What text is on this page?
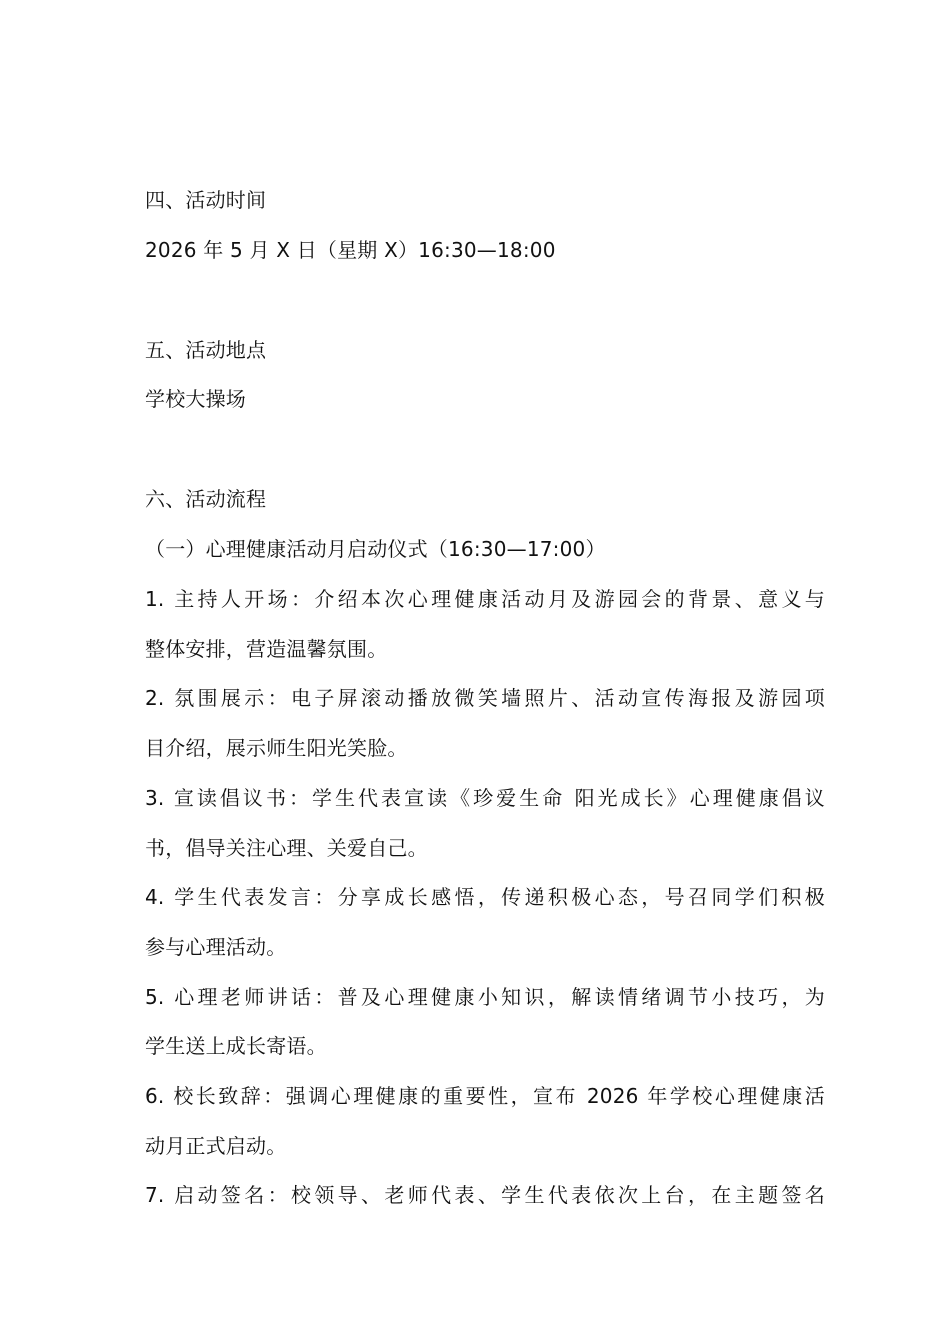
四、活动时间
2026 年 5 月 X 日（星期 X）16:30—18:00
五、活动地点
学校大操场
六、活动流程
（一）心理健康活动月启动仪式（16:30—17:00）
1. 主持人开场：介绍本次心理健康活动月及游园会的背景、意义与
整体安排，营造温馨氛围。
2. 氛围展示：电子屏滚动播放微笑墙照片、活动宣传海报及游园项
目介绍，展示师生阳光笑脸。
3. 宣读倡议书：学生代表宣读《珍爱生命 阳光成长》心理健康倡议
书，倡导关注心理、关爱自己。
4. 学生代表发言：分享成长感悟，传递积极心态，号召同学们积极
参与心理活动。
5. 心理老师讲话：普及心理健康小知识，解读情绪调节小技巧，为
学生送上成长寄语。
6. 校长致辞：强调心理健康的重要性，宣布 2026 年学校心理健康活
动月正式启动。
7. 启动签名：校领导、老师代表、学生代表依次上台，在主题签名
